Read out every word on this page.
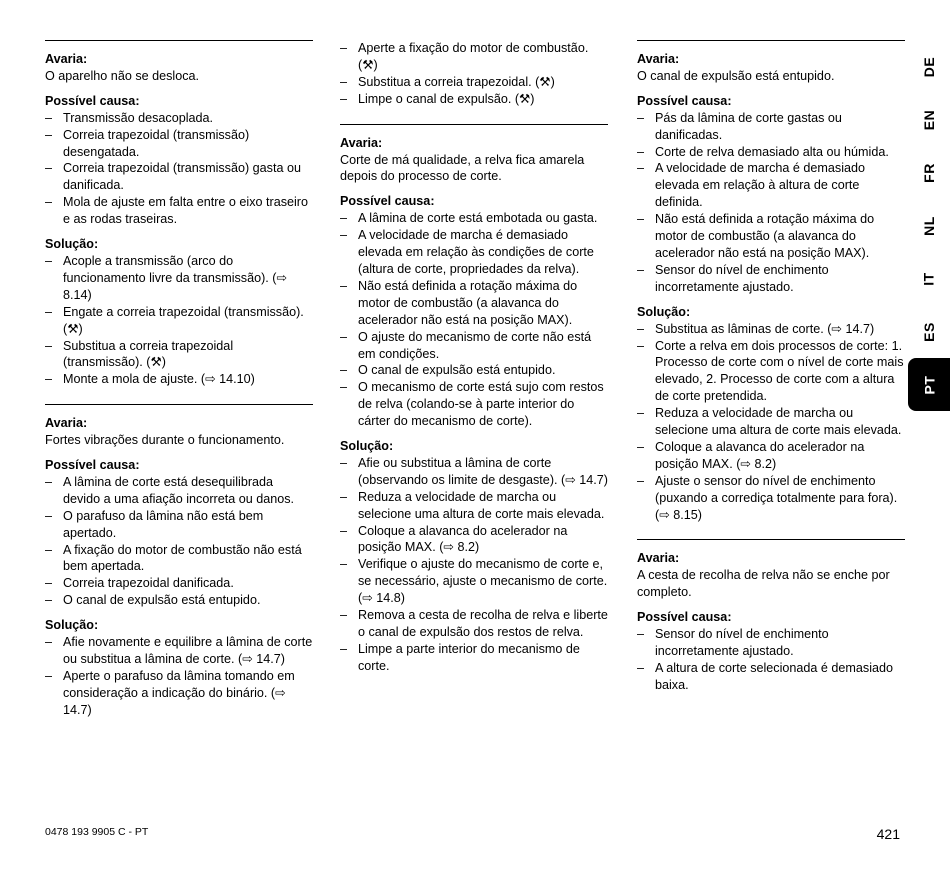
Avaria:

O aparelho não se desloca.

Possível causa:
– Transmissão desacoplada.
– Correia trapezoidal (transmissão) desengatada.
– Correia trapezoidal (transmissão) gasta ou danificada.
– Mola de ajuste em falta entre o eixo traseiro e as rodas traseiras.
Solução:
– Acople a transmissão (arco do funcionamento livre da transmissão). (⇨ 8.14)
– Engate a correia trapezoidal (transmissão). (⚒)
– Substitua a correia trapezoidal (transmissão). (⚒)
– Monte a mola de ajuste. (⇨ 14.10)
Avaria:

Fortes vibrações durante o funcionamento.

Possível causa:
– A lâmina de corte está desequilibrada devido a uma afiação incorreta ou danos.
– O parafuso da lâmina não está bem apertado.
– A fixação do motor de combustão não está bem apertada.
– Correia trapezoidal danificada.
– O canal de expulsão está entupido.
Solução:
– Afie novamente e equilibre a lâmina de corte ou substitua a lâmina de corte. (⇨ 14.7)
– Aperte o parafuso da lâmina tomando em consideração a indicação do binário. (⇨ 14.7)
– Aperte a fixação do motor de combustão. (⚒)
– Substitua a correia trapezoidal. (⚒)
– Limpe o canal de expulsão. (⚒)
Avaria:

Corte de má qualidade, a relva fica amarela depois do processo de corte.

Possível causa:
– A lâmina de corte está embotada ou gasta.
– A velocidade de marcha é demasiado elevada em relação às condições de corte (altura de corte, propriedades da relva).
– Não está definida a rotação máxima do motor de combustão (a alavanca do acelerador não está na posição MAX).
– O ajuste do mecanismo de corte não está em condições.
– O canal de expulsão está entupido.
– O mecanismo de corte está sujo com restos de relva (colando-se à parte interior do cárter do mecanismo de corte).
Solução:
– Afie ou substitua a lâmina de corte (observando os limite de desgaste). (⇨ 14.7)
– Reduza a velocidade de marcha ou selecione uma altura de corte mais elevada.
– Coloque a alavanca do acelerador na posição MAX. (⇨ 8.2)
– Verifique o ajuste do mecanismo de corte e, se necessário, ajuste o mecanismo de corte. (⇨ 14.8)
– Remova a cesta de recolha de relva e liberte o canal de expulsão dos restos de relva.
– Limpe a parte interior do mecanismo de corte.
Avaria:

O canal de expulsão está entupido.

Possível causa:
– Pás da lâmina de corte gastas ou danificadas.
– Corte de relva demasiado alta ou húmida.
– A velocidade de marcha é demasiado elevada em relação à altura de corte definida.
– Não está definida a rotação máxima do motor de combustão (a alavanca do acelerador não está na posição MAX).
– Sensor do nível de enchimento incorretamente ajustado.
Solução:
– Substitua as lâminas de corte. (⇨ 14.7)
– Corte a relva em dois processos de corte: 1. Processo de corte com o nível de corte mais elevado, 2. Processo de corte com a altura de corte pretendida.
– Reduza a velocidade de marcha ou selecione uma altura de corte mais elevada.
– Coloque a alavanca do acelerador na posição MAX. (⇨ 8.2)
– Ajuste o sensor do nível de enchimento (puxando a corrediça totalmente para fora). (⇨ 8.15)
Avaria:

A cesta de recolha de relva não se enche por completo.

Possível causa:
– Sensor do nível de enchimento incorretamente ajustado.
– A altura de corte selecionada é demasiado baixa.
DE
EN
FR
NL
IT
ES
PT
0478 193 9905 C - PT	421
